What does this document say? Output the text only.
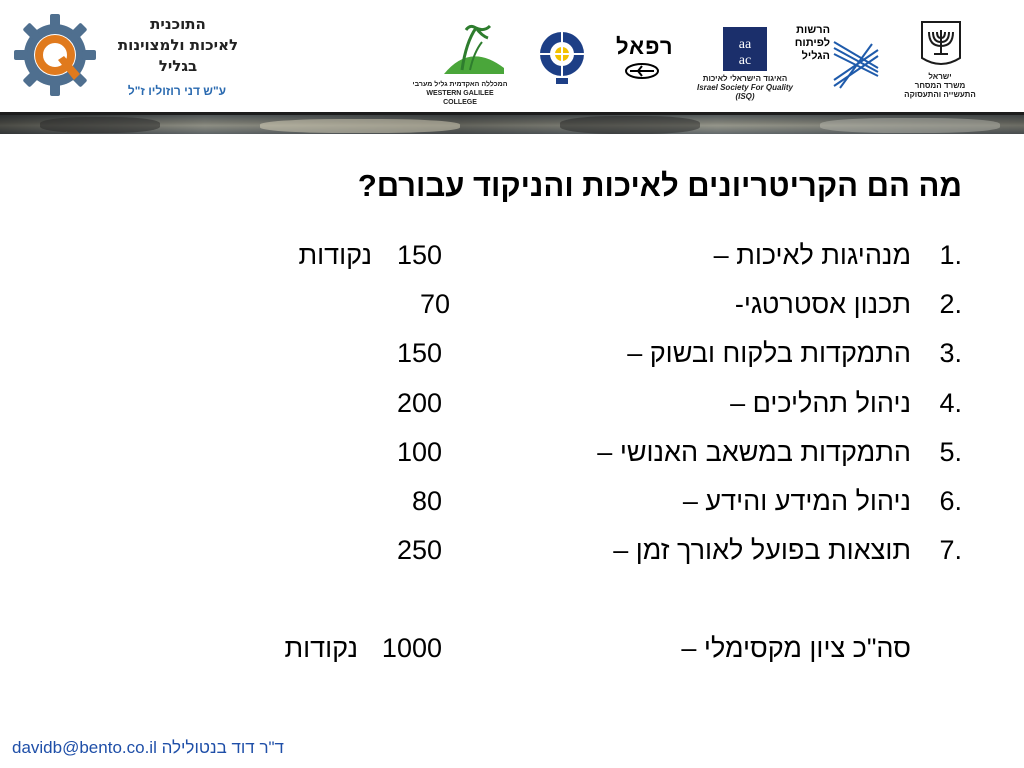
התוכנית
לאיכות ולמצוינות
בגליל
ע"ש דני רוזוליו ז"ל	המכללה האקדמית גליל מערבי
WESTERN GALILEE COLLEGE
רפאל	aa
ac
האיגוד הישראלי לאיכות
Israel Society For Quality (ISQ)
הרשות
לפיתוח
הגליל
ישראל
משרד המסחר
התעשייה והתעסוקה
מה הם הקריטריונים לאיכות והניקוד עבורם?
1.
מנהיגות לאיכות –
150
נקודות
2.
תכנון אסטרטגי-
70
3.
התמקדות בלקוח ובשוק –
150
4.
ניהול תהליכים –
200
5.
התמקדות במשאב האנושי –
100
6.
ניהול המידע והידע –
80
7.
תוצאות בפועל לאורך זמן –
250
סה"כ ציון מקסימלי –
1000
נקודות
davidb@bento.co.il ד"ר דוד בנטולילה
